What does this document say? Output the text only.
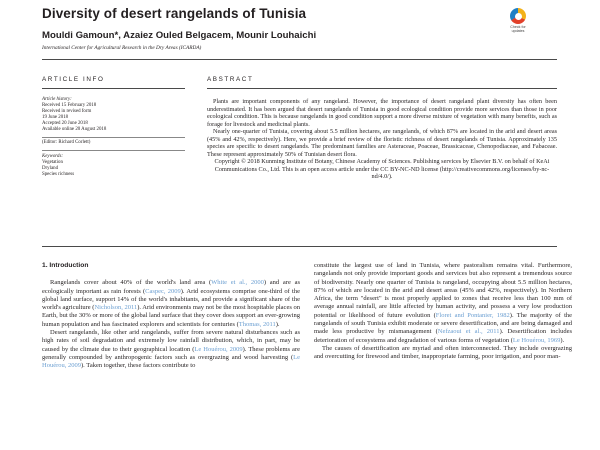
Diversity of desert rangelands of Tunisia
Check for
updates
Mouldi Gamoun*, Azaiez Ouled Belgacem, Mounir Louhaichi
International Center for Agricultural Research in the Dry Areas (ICARDA)
ARTICLE INFO	ABSTRACT
Article history:
Received 15 February 2018
Received in revised form
19 June 2018
Accepted 20 June 2018
Available online 20 August 2018
(Editor: Richard Corlett)
Keywords:
Vegetation
Dryland
Species richness

Plants are important components of any rangeland. However, the importance of desert rangeland plant diversity has often been underestimated. It has been argued that desert rangelands of Tunisia in good ecological condition provide more services than those in poor ecological condition. This is because rangelands in good condition support a more diverse mixture of vegetation with many benefits, such as forage for livestock and medicinal plants.

Nearly one-quarter of Tunisia, covering about 5.5 million hectares, are rangelands, of which 87% are located in the arid and desert areas (45% and 42%, respectively). Here, we provide a brief review of the floristic richness of desert rangelands of Tunisia. Approximately 135 species are specific to desert rangelands. The predominant families are Asteraceae, Poaceae, Brassicaceae, Chenopodiaceae, and Fabaceae. These represent approximately 50% of Tunisian desert flora.

Copyright © 2018 Kunming Institute of Botany, Chinese Academy of Sciences. Publishing services by Elsevier B.V. on behalf of KeAi Communications Co., Ltd. This is an open access article under the CC BY-NC-ND license (http://creativecommons.org/licenses/by-nc-nd/4.0/).

1. Introduction

Rangelands cover about 40% of the world's land area (White et al., 2000) and are as ecologically important as rain forests (Caspec, 2009). Arid ecosystems comprise one-third of the global land surface, support 14% of the world's inhabitants, and provide a significant share of the world's agriculture (Nicholson, 2011). Arid environments may not be the most hospitable places on Earth, but the 30% or more of the global land surface that they cover does support an ever-growing human population and has fascinated explorers and scientists for centuries (Thomas, 2011).

Desert rangelands, like other arid rangelands, suffer from severe natural disturbances such as high rates of soil degradation and extremely low rainfall distribution, which, in part, may be caused by the climate due to their geographical location (Le Houérou, 2009). These problems are generally compounded by anthropogenic factors such as overgrazing and wood harvesting (Le Houérou, 2009). Taken together, these factors contribute to

constitute the largest use of land in Tunisia, where pastoralism remains vital. Furthermore, rangelands not only provide important goods and services but also represent a tremendous source of biodiversity. Nearly one quarter of Tunisia is rangeland, occupying about 5.5 million hectares, 87% of which are located in the arid and desert areas (45% and 42%, respectively). In Northern Africa, the term "desert" is most properly applied to zones that receive less than 100 mm of average annual rainfall, are little affected by human activity, and possess a very low production potential or likelihood of future evolution (Floret and Pontanier, 1982). The majority of the rangelands of south Tunisia exhibit moderate or severe desertification, and are being damaged and made less productive by mismanagement (Nefzaoui et al., 2011). Desertification includes deterioration of ecosystems and degradation of various forms of vegetation (Le Houérou, 1969).

The causes of desertification are myriad and often interconnected. They include overgrazing and overcutting for firewood and timber, inappropriate farming, poor irrigation, and poor man-
